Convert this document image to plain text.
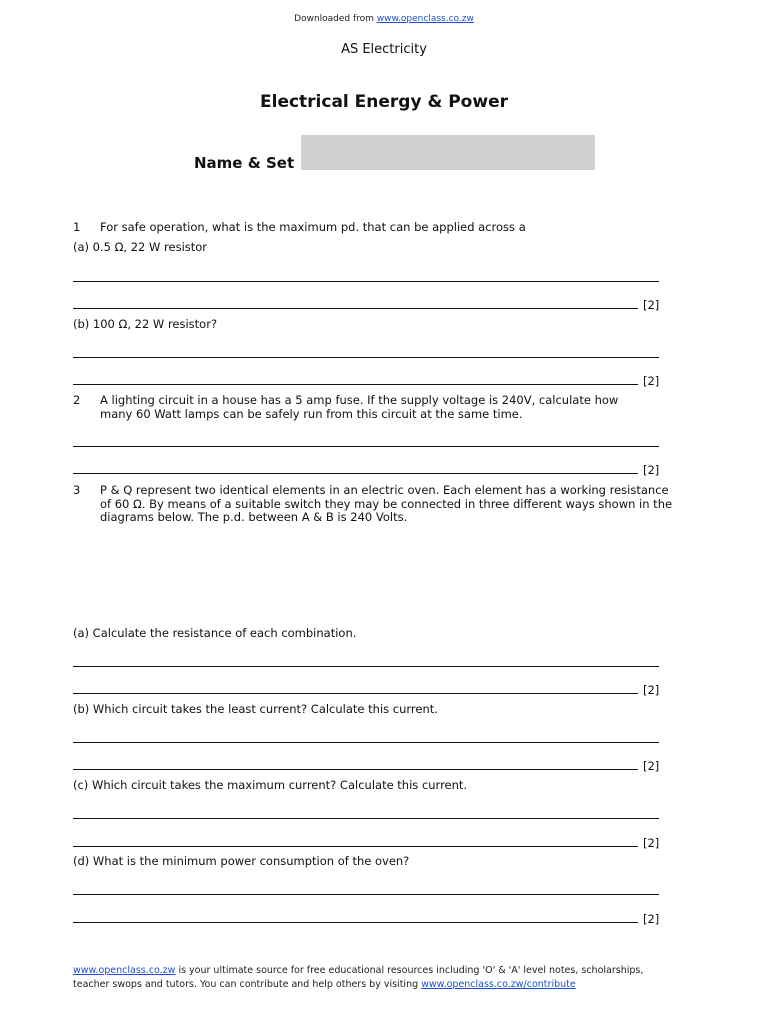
Downloaded from www.openclass.co.zw
AS Electricity
Electrical Energy & Power
Name & Set
1 For safe operation, what is the maximum pd. that can be applied across a
(a) 0.5 Ω, 22 W resistor
[2]
(b) 100 Ω, 22 W resistor?
[2]
2 A lighting circuit in a house has a 5 amp fuse. If the supply voltage is 240V, calculate how
many 60 Watt lamps can be safely run from this circuit at the same time.
[2]
3 P & Q represent two identical elements in an electric oven. Each element has a working resistance
of 60 Ω. By means of a suitable switch they may be connected in three different ways shown in the
diagrams below. The p.d. between A & B is 240 Volts.
(a) Calculate the resistance of each combination.
[2]
(b) Which circuit takes the least current? Calculate this current.
[2]
(c) Which circuit takes the maximum current? Calculate this current.
[2]
(d) What is the minimum power consumption of the oven?
[2]
www.openclass.co.zw is your ultimate source for free educational resources including 'O' & 'A' level notes, scholarships,
teacher swops and tutors. You can contribute and help others by visiting www.openclass.co.zw/contribute
